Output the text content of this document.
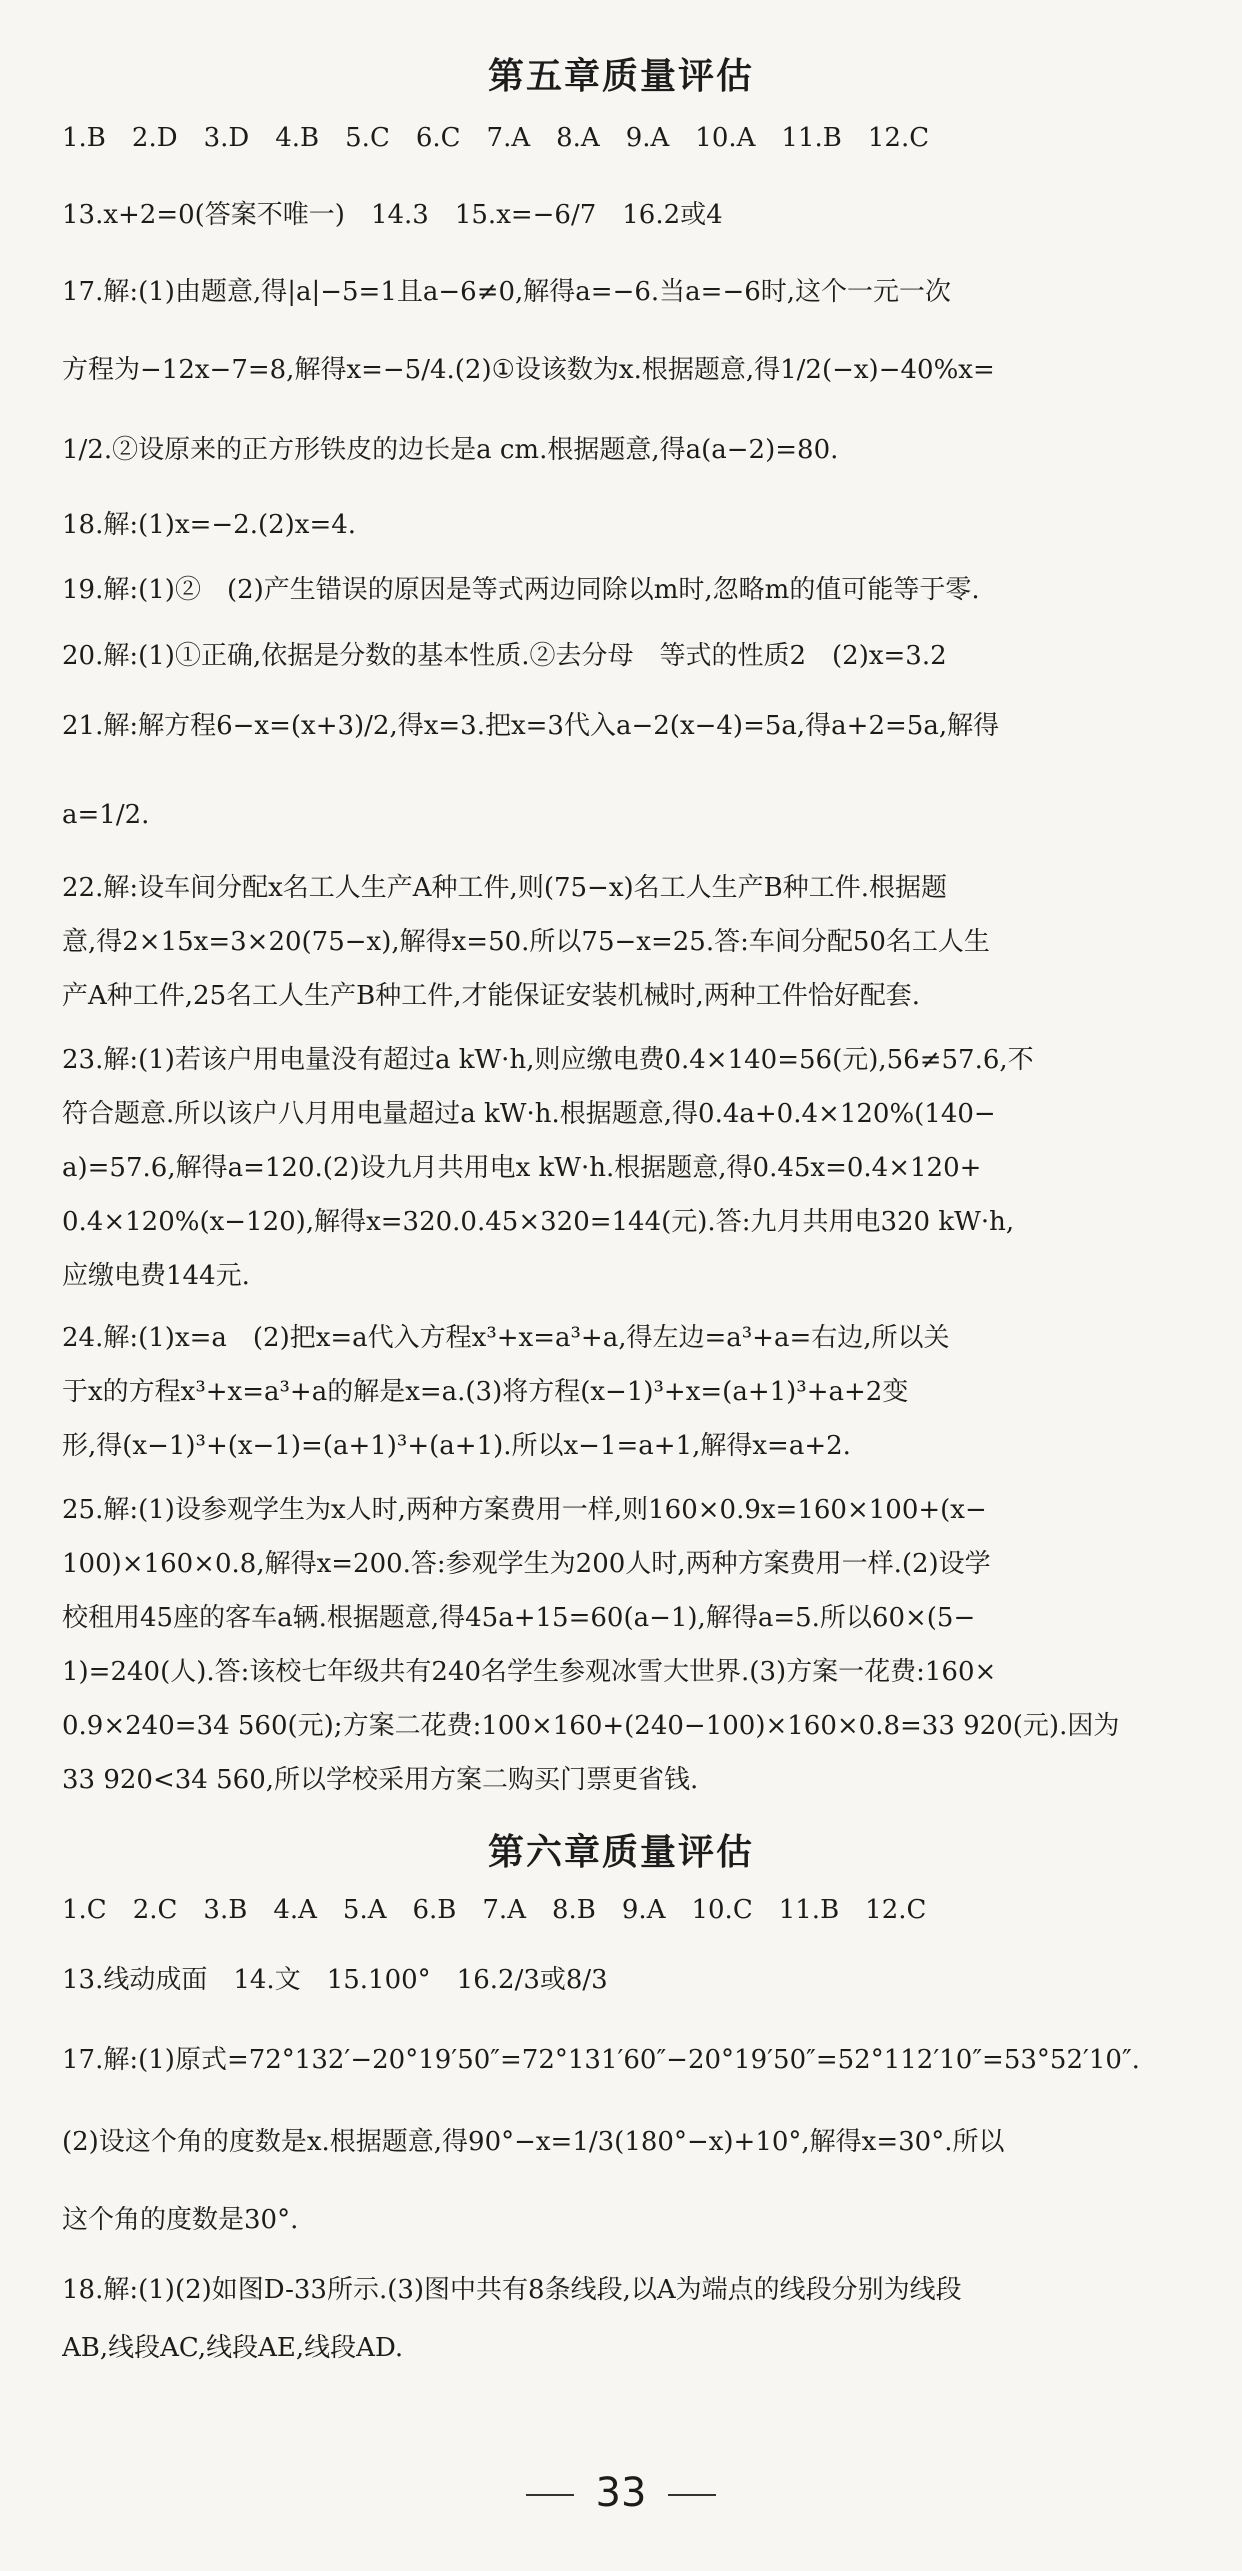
第五章质量评估
1.B　2.D　3.D　4.B　5.C　6.C　7.A　8.A　9.A　10.A　11.B　12.C
13.x+2=0(答案不唯一)　14.3　15.x=−6/7　16.2或4
17.解:(1)由题意,得|a|−5=1且a−6≠0,解得a=−6.当a=−6时,这个一元一次
方程为−12x−7=8,解得x=−5/4.(2)①设该数为x.根据题意,得1/2(−x)−40%x=
1/2.②设原来的正方形铁皮的边长是a cm.根据题意,得a(a−2)=80.
18.解:(1)x=−2.(2)x=4.
19.解:(1)②　(2)产生错误的原因是等式两边同除以m时,忽略m的值可能等于零.
20.解:(1)①正确,依据是分数的基本性质.②去分母　等式的性质2　(2)x=3.2
21.解:解方程6−x=(x+3)/2,得x=3.把x=3代入a−2(x−4)=5a,得a+2=5a,解得
a=1/2.
22.解:设车间分配x名工人生产A种工件,则(75−x)名工人生产B种工件.根据题
意,得2×15x=3×20(75−x),解得x=50.所以75−x=25.答:车间分配50名工人生
产A种工件,25名工人生产B种工件,才能保证安装机械时,两种工件恰好配套.
23.解:(1)若该户用电量没有超过a kW·h,则应缴电费0.4×140=56(元),56≠57.6,不
符合题意.所以该户八月用电量超过a kW·h.根据题意,得0.4a+0.4×120%(140−
a)=57.6,解得a=120.(2)设九月共用电x kW·h.根据题意,得0.45x=0.4×120+
0.4×120%(x−120),解得x=320.0.45×320=144(元).答:九月共用电320 kW·h,
应缴电费144元.
24.解:(1)x=a　(2)把x=a代入方程x³+x=a³+a,得左边=a³+a=右边,所以关
于x的方程x³+x=a³+a的解是x=a.(3)将方程(x−1)³+x=(a+1)³+a+2变
形,得(x−1)³+(x−1)=(a+1)³+(a+1).所以x−1=a+1,解得x=a+2.
25.解:(1)设参观学生为x人时,两种方案费用一样,则160×0.9x=160×100+(x−
100)×160×0.8,解得x=200.答:参观学生为200人时,两种方案费用一样.(2)设学
校租用45座的客车a辆.根据题意,得45a+15=60(a−1),解得a=5.所以60×(5−
1)=240(人).答:该校七年级共有240名学生参观冰雪大世界.(3)方案一花费:160×
0.9×240=34 560(元);方案二花费:100×160+(240−100)×160×0.8=33 920(元).因为
33 920<34 560,所以学校采用方案二购买门票更省钱.
第六章质量评估
1.C　2.C　3.B　4.A　5.A　6.B　7.A　8.B　9.A　10.C　11.B　12.C
13.线动成面　14.文　15.100°　16.2/3或8/3
17.解:(1)原式=72°132′−20°19′50″=72°131′60″−20°19′50″=52°112′10″=53°52′10″.
(2)设这个角的度数是x.根据题意,得90°−x=1/3(180°−x)+10°,解得x=30°.所以
这个角的度数是30°.
18.解:(1)(2)如图D-33所示.(3)图中共有8条线段,以A为端点的线段分别为线段
AB,线段AC,线段AE,线段AD.
33
